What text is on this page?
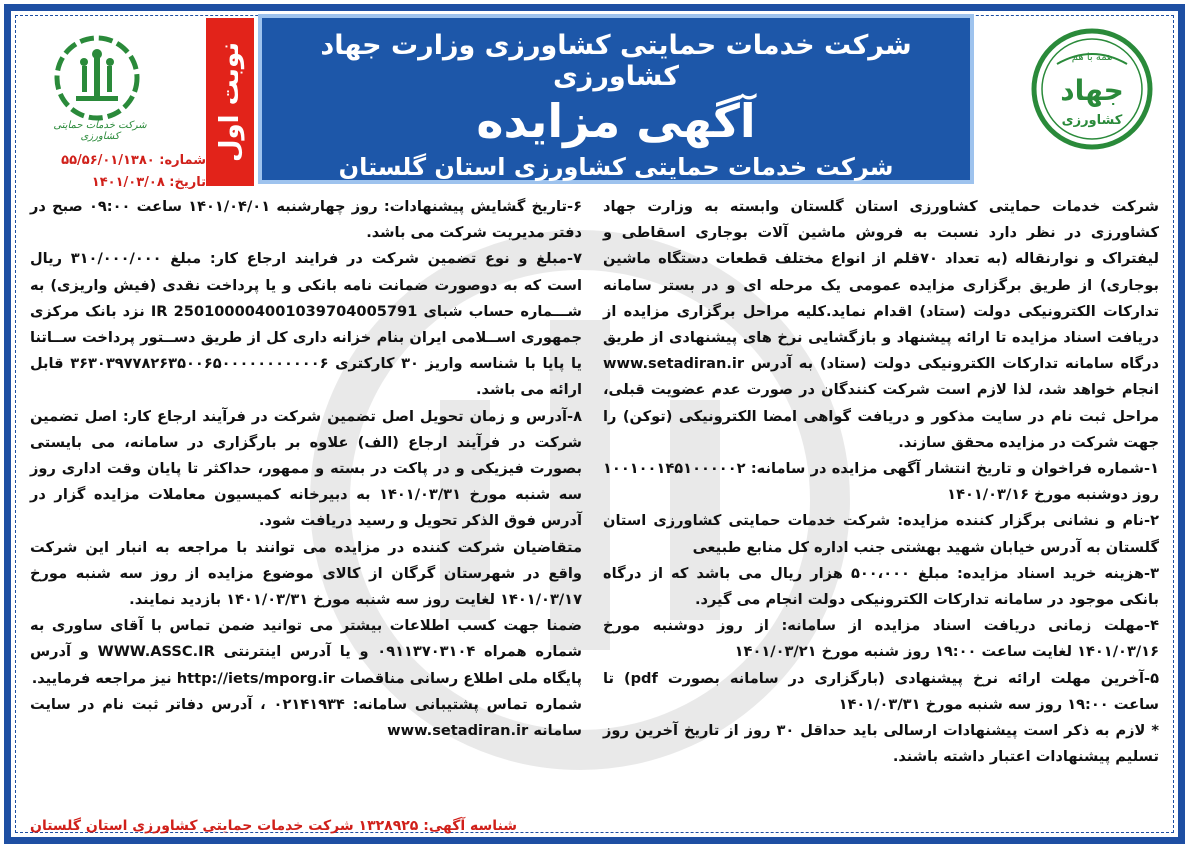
همه با هم
جهاد
کشاورزی
شرکت خدمات حمایتی کشاورزی
شرکت خدمات حمایتی کشاورزی وزارت جهاد کشاورزی
آگهی مزایده
شرکت خدمات حمایتی کشاورزی استان گلستان
نوبت اول
شماره: ۵۵/۵۶/۰۱/۱۳۸۰
تاریخ: ۱۴۰۱/۰۳/۰۸

شرکت خدمات حمایتی کشاورزی استان گلستان وابسته به وزارت جهاد کشاورزی در نظر دارد نسبت به فروش ماشین آلات بوجاری اسقاطی و لیفتراک و نوارنقاله (به تعداد ۷۰قلم از انواع مختلف قطعات دستگاه ماشین بوجاری) از طریق برگزاری مزایده عمومی یک مرحله ای و در بستر سامانه تدارکات الکترونیکی دولت (ستاد) اقدام نماید.کلیه مراحل برگزاری مزایده از دریافت اسناد مزایده تا ارائه پیشنهاد و بازگشایی نرخ های پیشنهادی از طریق درگاه سامانه تدارکات الکترونیکی دولت (ستاد) به آدرس www.setadiran.ir انجام خواهد شد، لذا لازم است شرکت کنندگان در صورت عدم عضویت قبلی، مراحل ثبت نام در سایت مذکور و دریافت گواهی امضا الکترونیکی (توکن) را جهت شرکت در مزایده محقق سازند.

۱-شماره فراخوان و تاریخ انتشار آگهی مزایده در سامانه: ۱۰۰۱۰۰۱۴۵۱۰۰۰۰۰۲ روز دوشنبه مورخ ۱۴۰۱/۰۳/۱۶

۲-نام و نشانی برگزار کننده مزایده: شرکت خدمات حمایتی کشاورزی استان گلستان به آدرس خیابان شهید بهشتی جنب اداره کل منابع طبیعی

۳-هزینه خرید اسناد مزایده: مبلغ ۵۰۰،۰۰۰ هزار ریال می باشد که از درگاه بانکی موجود در سامانه تدارکات الکترونیکی دولت انجام می گیرد.

۴-مهلت زمانی دریافت اسناد مزایده از سامانه: از روز دوشنبه مورخ ۱۴۰۱/۰۳/۱۶ لغایت ساعت ۱۹:۰۰ روز شنبه مورخ ۱۴۰۱/۰۳/۲۱

۵-آخرین مهلت ارائه نرخ پیشنهادی (بارگزاری در سامانه بصورت pdf) تا ساعت ۱۹:۰۰ روز سه شنبه مورخ ۱۴۰۱/۰۳/۳۱

* لازم به ذکر است پیشنهادات ارسالی باید حداقل ۳۰ روز از تاریخ آخرین روز تسلیم پیشنهادات اعتبار داشته باشند.

۶-تاریخ گشایش پیشنهادات: روز چهارشنبه ۱۴۰۱/۰۴/۰۱ ساعت ۰۹:۰۰ صبح در دفتر مدیریت شرکت می باشد.

۷-مبلغ و نوع تضمین شرکت در فرایند ارجاع کار: مبلغ ۳۱۰/۰۰۰/۰۰۰ ریال است که به دوصورت ضمانت نامه بانکی و یا پرداخت نقدی (فیش واریزی) به شـــماره حساب شبای IR 250100004001039704005791 نزد بانک مرکزی جمهوری اســلامی ایران بنام خزانه داری کل از طریق دســتور پرداخت ســاتنا یا پایا با شناسه واریز ۳۰ کارکتری ۳۶۳۰۳۹۷۷۸۲۶۳۵۰۰۶۵۰۰۰۰۰۰۰۰۰۰۰۶ قابل ارائه می باشد.

۸-آدرس و زمان تحویل اصل تضمین شرکت در فرآیند ارجاع کار: اصل تضمین شرکت در فرآیند ارجاع (الف) علاوه بر بارگزاری در سامانه، می بایستی بصورت فیزیکی و در پاکت در بسته و ممهور، حداکثر تا پایان وقت اداری روز سه شنبه مورخ ۱۴۰۱/۰۳/۳۱ به دبیرخانه کمیسیون معاملات مزایده گزار در آدرس فوق الذکر تحویل و رسید دریافت شود.

متقاضیان شرکت کننده در مزایده می توانند با مراجعه به انبار این شرکت واقع در شهرستان گرگان از کالای موضوع مزایده از روز سه شنبه مورخ ۱۴۰۱/۰۳/۱۷ لغایت روز سه شنبه مورخ ۱۴۰۱/۰۳/۳۱ بازدید نمایند.

ضمنا جهت کسب اطلاعات بیشتر می توانید ضمن تماس با آقای ساوری به شماره همراه ۰۹۱۱۳۷۰۳۱۰۴ و یا آدرس اینترنتی WWW.ASSC.IR و آدرس پایگاه ملی اطلاع رسانی مناقصات http://iets/mporg.ir نیز مراجعه فرمایید.

شماره تماس پشتیبانی سامانه: ۰۲۱۴۱۹۳۴ ، آدرس دفاتر ثبت نام در سایت سامانه www.setadiran.ir

شناسه آگهی: ۱۳۲۸۹۲۵ شرکت خدمات حمایتی کشاورزی استان گلستان
